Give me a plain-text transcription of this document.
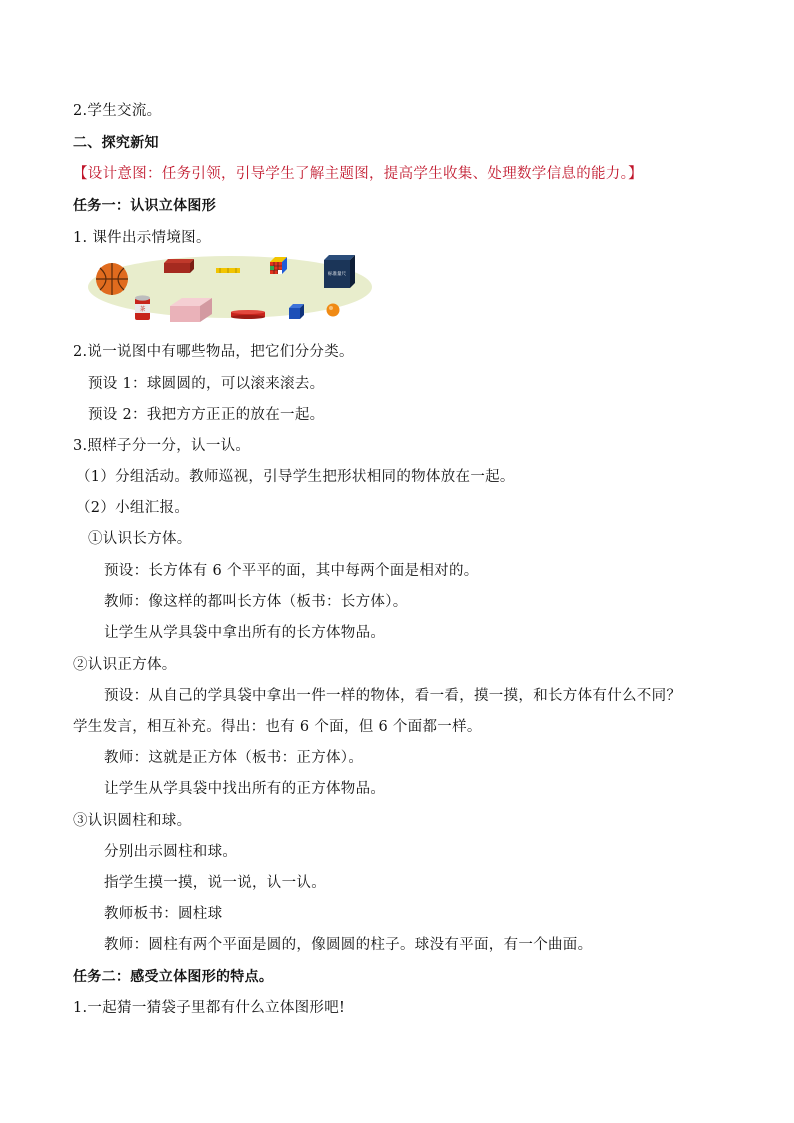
2.学生交流。
二、探究新知
【设计意图：任务引领，引导学生了解主题图，提高学生收集、处理数学信息的能力。】
任务一：认识立体图形
1. 课件出示情境图。
标准量尺
茶
2.说一说图中有哪些物品，把它们分分类。
预设 1：球圆圆的，可以滚来滚去。
预设 2：我把方方正正的放在一起。
3.照样子分一分，认一认。
（1）分组活动。教师巡视，引导学生把形状相同的物体放在一起。
（2）小组汇报。
①认识长方体。
预设：长方体有 6 个平平的面，其中每两个面是相对的。
教师：像这样的都叫长方体（板书：长方体）。
让学生从学具袋中拿出所有的长方体物品。
②认识正方体。
预设：从自己的学具袋中拿出一件一样的物体，看一看，摸一摸，和长方体有什么不同？
学生发言，相互补充。得出：也有 6 个面，但 6 个面都一样。
教师：这就是正方体（板书：正方体）。
让学生从学具袋中找出所有的正方体物品。
③认识圆柱和球。
分别出示圆柱和球。
指学生摸一摸，说一说，认一认。
教师板书：圆柱球
教师：圆柱有两个平面是圆的，像圆圆的柱子。球没有平面，有一个曲面。
任务二：感受立体图形的特点。
1.一起猜一猜袋子里都有什么立体图形吧!
